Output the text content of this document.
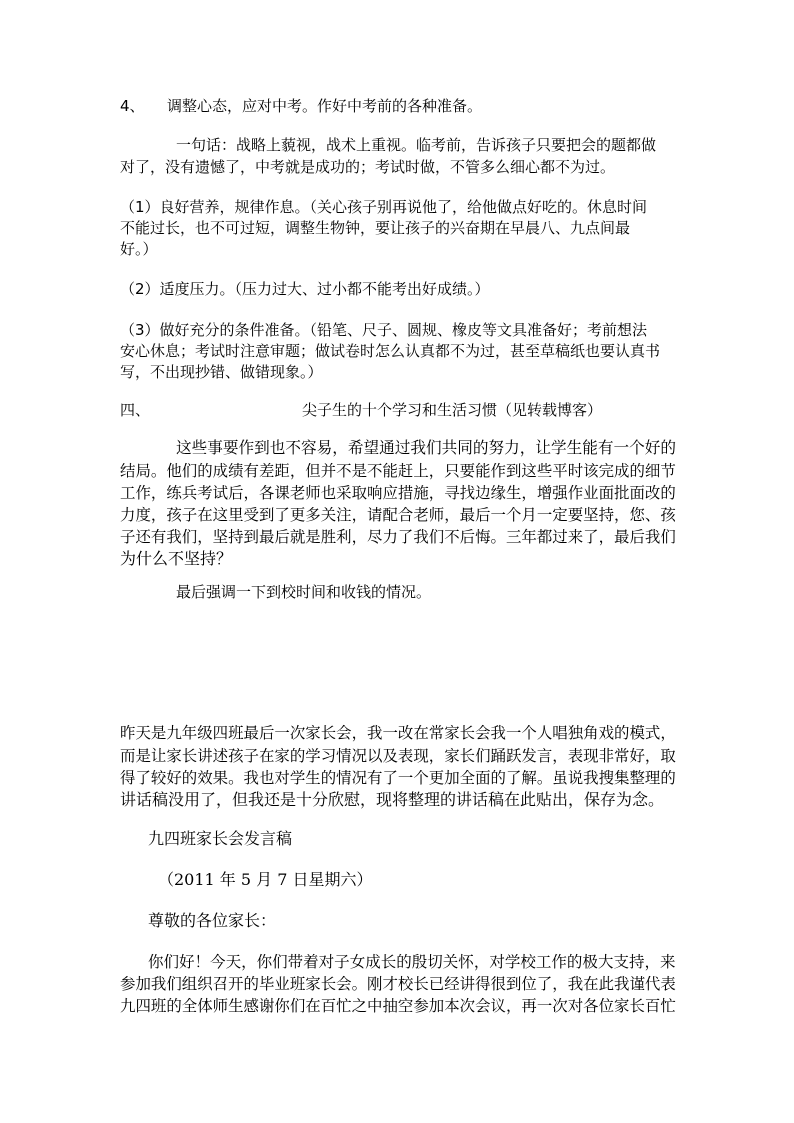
4、 调整心态，应对中考。作好中考前的各种准备。
一句话：战略上藐视，战术上重视。临考前，告诉孩子只要把会的题都做
对了，没有遗憾了，中考就是成功的；考试时做，不管多么细心都不为过。
（1）良好营养，规律作息。（关心孩子别再说他了，给他做点好吃的。休息时间
不能过长，也不可过短，调整生物钟，要让孩子的兴奋期在早晨八、九点间最
好。）
（2）适度压力。（压力过大、过小都不能考出好成绩。）
（3）做好充分的条件准备。（铅笔、尺子、圆规、橡皮等文具准备好；考前想法
安心休息；考试时注意审题；做试卷时怎么认真都不为过，甚至草稿纸也要认真书
写，不出现抄错、做错现象。）
四、	尖子生的十个学习和生活习惯（见转载博客）
这些事要作到也不容易，希望通过我们共同的努力，让学生能有一个好的
结局。他们的成绩有差距，但并不是不能赶上，只要能作到这些平时该完成的细节
工作，练兵考试后，各课老师也采取响应措施，寻找边缘生，增强作业面批面改的
力度，孩子在这里受到了更多关注，请配合老师，最后一个月一定要坚持，您、孩
子还有我们，坚持到最后就是胜利，尽力了我们不后悔。三年都过来了，最后我们
为什么不坚持？
最后强调一下到校时间和收钱的情况。
昨天是九年级四班最后一次家长会，我一改在常家长会我一个人唱独角戏的模式，
而是让家长讲述孩子在家的学习情况以及表现，家长们踊跃发言，表现非常好，取
得了较好的效果。我也对学生的情况有了一个更加全面的了解。虽说我搜集整理的
讲话稿没用了，但我还是十分欣慰，现将整理的讲话稿在此贴出，保存为念。
九四班家长会发言稿
（2011 年 5 月 7 日星期六）
尊敬的各位家长：
你们好！今天，你们带着对子女成长的殷切关怀，对学校工作的极大支持，来
参加我们组织召开的毕业班家长会。刚才校长已经讲得很到位了，我在此我谨代表
九四班的全体师生感谢你们在百忙之中抽空参加本次会议，再一次对各位家长百忙
